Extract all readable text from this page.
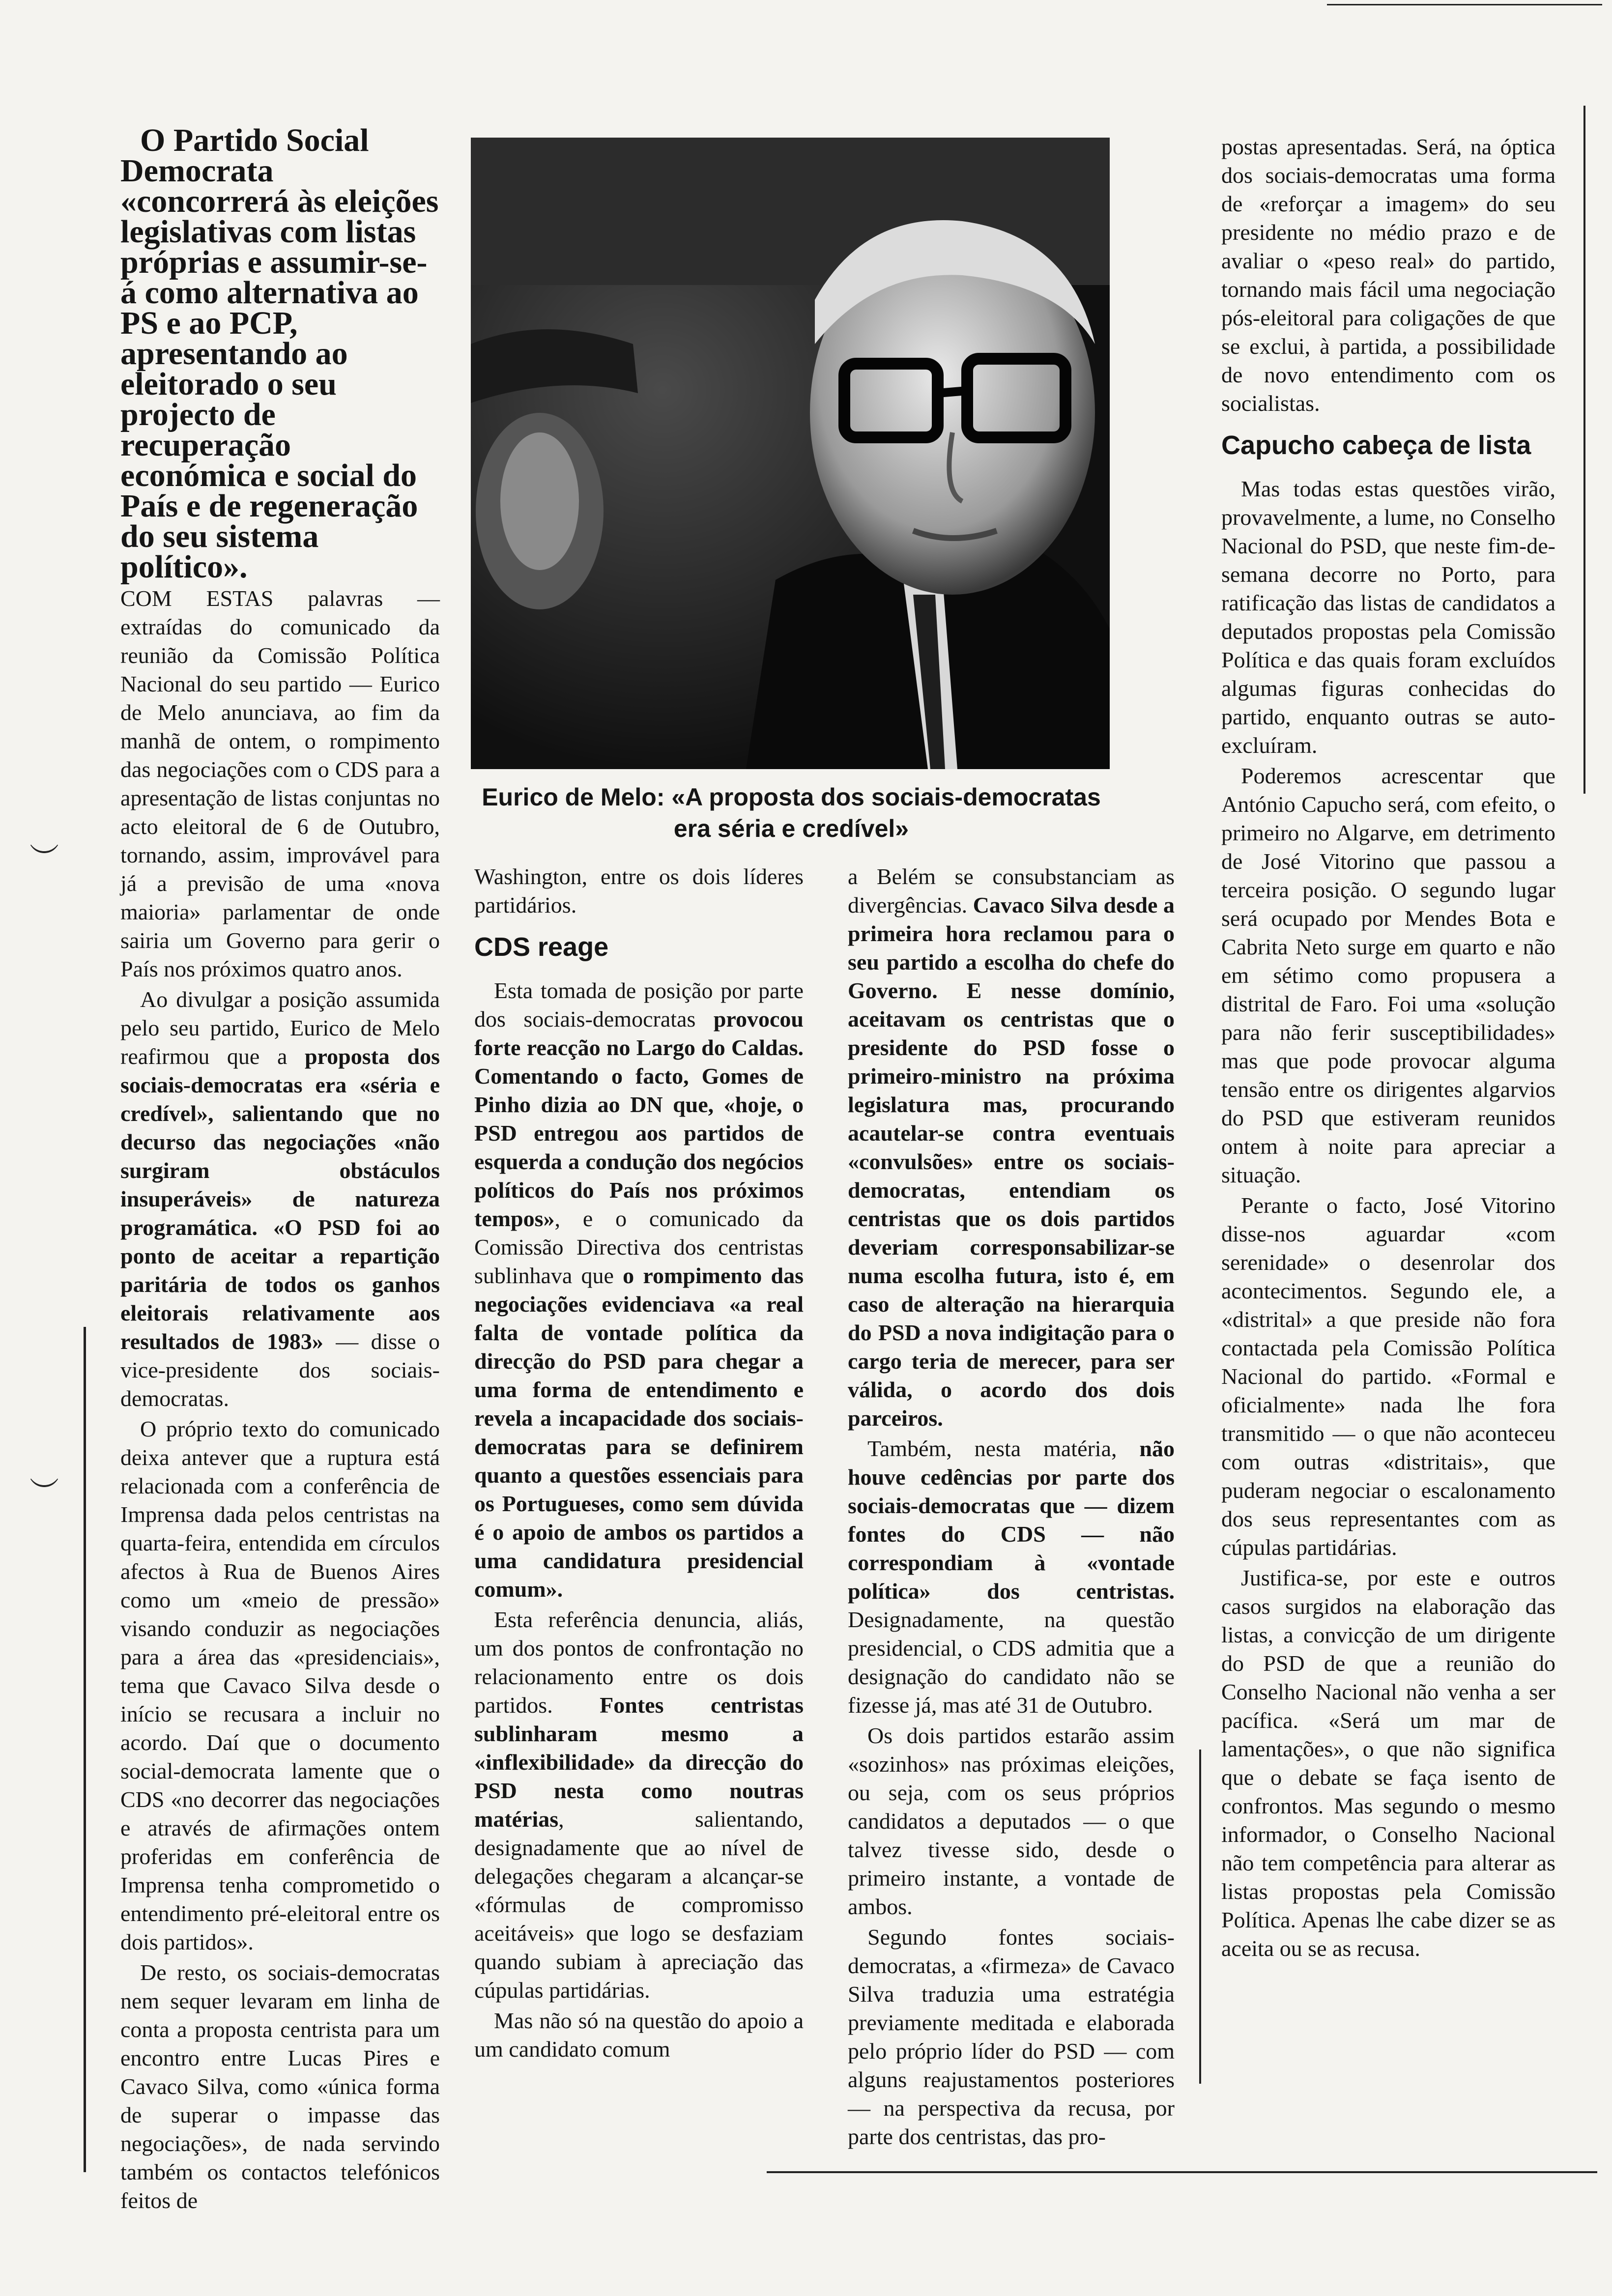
︶
︶

O Partido Social Democrata «concorrerá às eleições legislativas com listas próprias e assumir-se-á como alternativa ao PS e ao PCP, apresentando ao eleitorado o seu projecto de recuperação económica e social do País e de regeneração do seu sistema político».

COM ESTAS palavras — extraídas do comunicado da reunião da Comissão Política Nacional do seu partido — Eurico de Melo anunciava, ao fim da manhã de ontem, o rompimento das negociações com o CDS para a apresentação de listas conjuntas no acto eleitoral de 6 de Outubro, tornando, assim, improvável para já a previsão de uma «nova maioria» parlamentar de onde sairia um Governo para gerir o País nos próximos quatro anos.

Ao divulgar a posição assumida pelo seu partido, Eurico de Melo reafirmou que a proposta dos sociais-democratas era «séria e credível», salientando que no decurso das negociações «não surgiram obstáculos insuperáveis» de natureza programática. «O PSD foi ao ponto de aceitar a repartição paritária de todos os ganhos eleitorais relativamente aos resultados de 1983» — disse o vice-presidente dos sociais-democratas.

O próprio texto do comunicado deixa antever que a ruptura está relacionada com a conferência de Imprensa dada pelos centristas na quarta-feira, entendida em círculos afectos à Rua de Buenos Aires como um «meio de pressão» visando conduzir as negociações para a área das «presidenciais», tema que Cavaco Silva desde o início se recusara a incluir no acordo. Daí que o documento social-democrata lamente que o CDS «no decorrer das negociações e através de afirmações ontem proferidas em conferência de Imprensa tenha comprometido o entendimento pré-eleitoral entre os dois partidos».

De resto, os sociais-democratas nem sequer levaram em linha de conta a proposta centrista para um encontro entre Lucas Pires e Cavaco Silva, como «única forma de superar o impasse das negociações», de nada servindo também os contactos telefónicos feitos de

Eurico de Melo: «A proposta dos sociais-democratas era séria e credível»

Washington, entre os dois líderes partidários.

CDS reage

Esta tomada de posição por parte dos sociais-democratas provocou forte reacção no Largo do Caldas. Comentando o facto, Gomes de Pinho dizia ao DN que, «hoje, o PSD entregou aos partidos de esquerda a condução dos negócios políticos do País nos próximos tempos», e o comunicado da Comissão Directiva dos centristas sublinhava que o rompimento das negociações evidenciava «a real falta de vontade política da direcção do PSD para chegar a uma forma de entendimento e revela a incapacidade dos sociais-democratas para se definirem quanto a questões essenciais para os Portugueses, como sem dúvida é o apoio de ambos os partidos a uma candidatura presidencial comum».

Esta referência denuncia, aliás, um dos pontos de confrontação no relacionamento entre os dois partidos. Fontes centristas sublinharam mesmo a «inflexibilidade» da direcção do PSD nesta como noutras matérias, salientando, designadamente que ao nível de delegações chegaram a alcançar-se «fórmulas de compromisso aceitáveis» que logo se desfaziam quando subiam à apreciação das cúpulas partidárias.

Mas não só na questão do apoio a um candidato comum

a Belém se consubstanciam as divergências. Cavaco Silva desde a primeira hora reclamou para o seu partido a escolha do chefe do Governo. E nesse domínio, aceitavam os centristas que o presidente do PSD fosse o primeiro-ministro na próxima legislatura mas, procurando acautelar-se contra eventuais «convulsões» entre os sociais-democratas, entendiam os centristas que os dois partidos deveriam corresponsabilizar-se numa escolha futura, isto é, em caso de alteração na hierarquia do PSD a nova indigitação para o cargo teria de merecer, para ser válida, o acordo dos dois parceiros.

Também, nesta matéria, não houve cedências por parte dos sociais-democratas que — dizem fontes do CDS — não correspondiam à «vontade política» dos centristas. Designadamente, na questão presidencial, o CDS admitia que a designação do candidato não se fizesse já, mas até 31 de Outubro.

Os dois partidos estarão assim «sozinhos» nas próximas eleições, ou seja, com os seus próprios candidatos a deputados — o que talvez tivesse sido, desde o primeiro instante, a vontade de ambos.

Segundo fontes sociais-democratas, a «firmeza» de Cavaco Silva traduzia uma estratégia previamente meditada e elaborada pelo próprio líder do PSD — com alguns reajustamentos posteriores — na perspectiva da recusa, por parte dos centristas, das pro-

postas apresentadas. Será, na óptica dos sociais-democratas uma forma de «reforçar a imagem» do seu presidente no médio prazo e de avaliar o «peso real» do partido, tornando mais fácil uma negociação pós-eleitoral para coligações de que se exclui, à partida, a possibilidade de novo entendimento com os socialistas.

Capucho cabeça de lista

Mas todas estas questões virão, provavelmente, a lume, no Conselho Nacional do PSD, que neste fim-de-semana decorre no Porto, para ratificação das listas de candidatos a deputados propostas pela Comissão Política e das quais foram excluídos algumas figuras conhecidas do partido, enquanto outras se auto-excluíram.

Poderemos acrescentar que António Capucho será, com efeito, o primeiro no Algarve, em detrimento de José Vitorino que passou a terceira posição. O segundo lugar será ocupado por Mendes Bota e Cabrita Neto surge em quarto e não em sétimo como propusera a distrital de Faro. Foi uma «solução para não ferir susceptibilidades» mas que pode provocar alguma tensão entre os dirigentes algarvios do PSD que estiveram reunidos ontem à noite para apreciar a situação.

Perante o facto, José Vitorino disse-nos aguardar «com serenidade» o desenrolar dos acontecimentos. Segundo ele, a «distrital» a que preside não fora contactada pela Comissão Política Nacional do partido. «Formal e oficialmente» nada lhe fora transmitido — o que não aconteceu com outras «distritais», que puderam negociar o escalonamento dos seus representantes com as cúpulas partidárias.

Justifica-se, por este e outros casos surgidos na elaboração das listas, a convicção de um dirigente do PSD de que a reunião do Conselho Nacional não venha a ser pacífica. «Será um mar de lamentações», o que não significa que o debate se faça isento de confrontos. Mas segundo o mesmo informador, o Conselho Nacional não tem competência para alterar as listas propostas pela Comissão Política. Apenas lhe cabe dizer se as aceita ou se as recusa.
